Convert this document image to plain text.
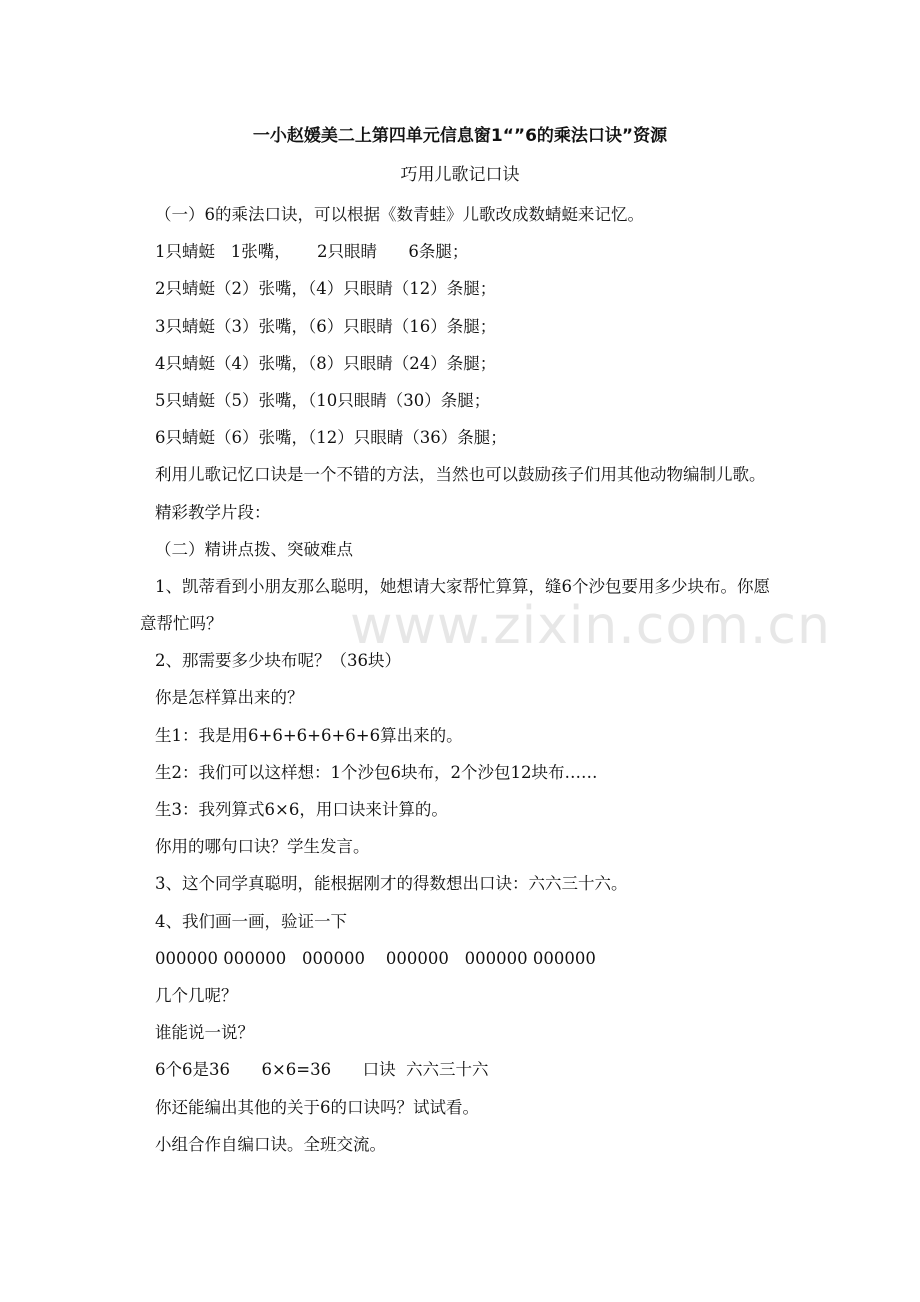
www.zixin.com.cn
一小赵媛美二上第四单元信息窗1“”6的乘法口诀”资源
巧用儿歌记口诀
（一）6的乘法口诀，可以根据《数青蛙》儿歌改成数蜻蜓来记忆。
1只蜻蜓   1张嘴，     2只眼睛      6条腿；
2只蜻蜓（2）张嘴，（4）只眼睛（12）条腿；
3只蜻蜓（3）张嘴，（6）只眼睛（16）条腿；
4只蜻蜓（4）张嘴，（8）只眼睛（24）条腿；
5只蜻蜓（5）张嘴，（10只眼睛（30）条腿；
6只蜻蜓（6）张嘴，（12）只眼睛（36）条腿；
利用儿歌记忆口诀是一个不错的方法，当然也可以鼓励孩子们用其他动物编制儿歌。
精彩教学片段：
（二）精讲点拨、突破难点
1、凯蒂看到小朋友那么聪明，她想请大家帮忙算算，缝6个沙包要用多少块布。你愿意帮忙吗？
2、那需要多少块布呢？（36块）
你是怎样算出来的？
生1：我是用6+6+6+6+6+6算出来的。
生2：我们可以这样想：1个沙包6块布，2个沙包12块布……
生3：我列算式6×6，用口诀来计算的。
你用的哪句口诀？学生发言。
3、这个同学真聪明，能根据刚才的得数想出口诀：六六三十六。
4、我们画一画，验证一下
000000 000000   000000    000000   000000 000000
几个几呢？
谁能说一说？
6个6是36      6×6=36      口诀  六六三十六
你还能编出其他的关于6的口诀吗？试试看。
小组合作自编口诀。全班交流。
